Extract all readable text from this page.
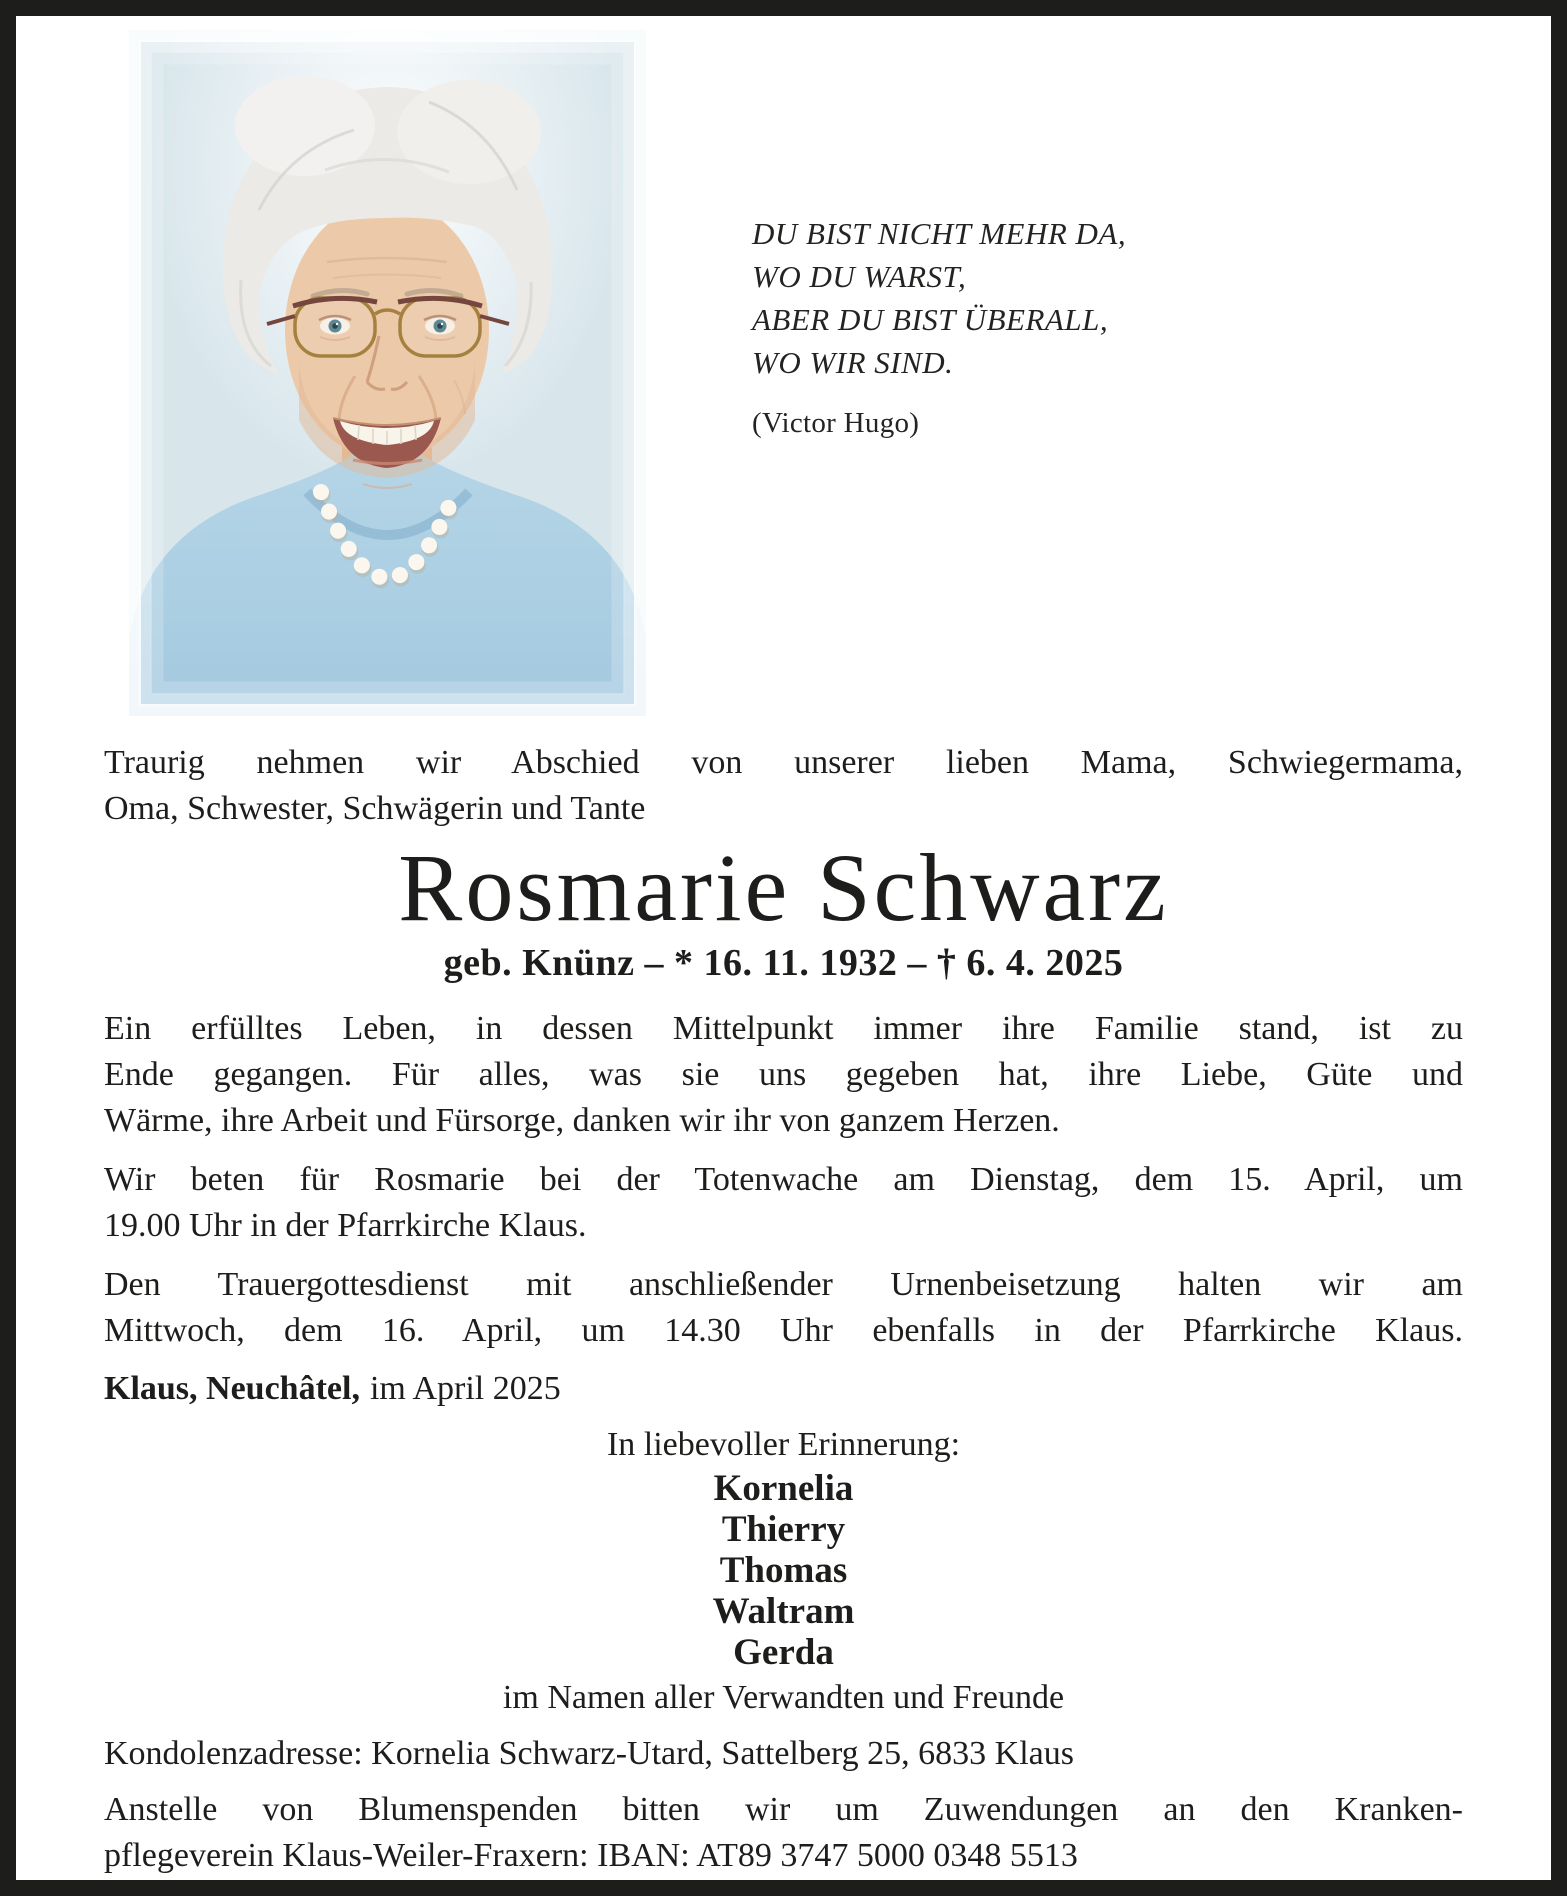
DU BIST NICHT MEHR DA,
WO DU WARST,
ABER DU BIST ÜBERALL,
WO WIR SIND.
(Victor Hugo)
Traurig nehmen wir Abschied von unserer lieben Mama, Schwiegermama,
Oma, Schwester, Schwägerin und Tante
Rosmarie Schwarz
geb. Knünz – * 16. 11. 1932 – † 6. 4. 2025
Ein erfülltes Leben, in dessen Mittelpunkt immer ihre Familie stand, ist zu
Ende gegangen. Für alles, was sie uns gegeben hat, ihre Liebe, Güte und
Wärme, ihre Arbeit und Fürsorge, danken wir ihr von ganzem Herzen.
Wir beten für Rosmarie bei der Totenwache am Dienstag, dem 15. April, um
19.00 Uhr in der Pfarrkirche Klaus.
Den Trauergottesdienst mit anschließender Urnenbeisetzung halten wir am
Mittwoch, dem 16. April, um 14.30 Uhr ebenfalls in der Pfarrkirche Klaus.
Klaus, Neuchâtel, im April 2025
In liebevoller Erinnerung:
Kornelia
Thierry
Thomas
Waltram
Gerda
im Namen aller Verwandten und Freunde
Kondolenzadresse: Kornelia Schwarz-Utard, Sattelberg 25, 6833 Klaus
Anstelle von Blumenspenden bitten wir um Zuwendungen an den Kranken-
pflegeverein Klaus-Weiler-Fraxern: IBAN: AT89 3747 5000 0348 5513
